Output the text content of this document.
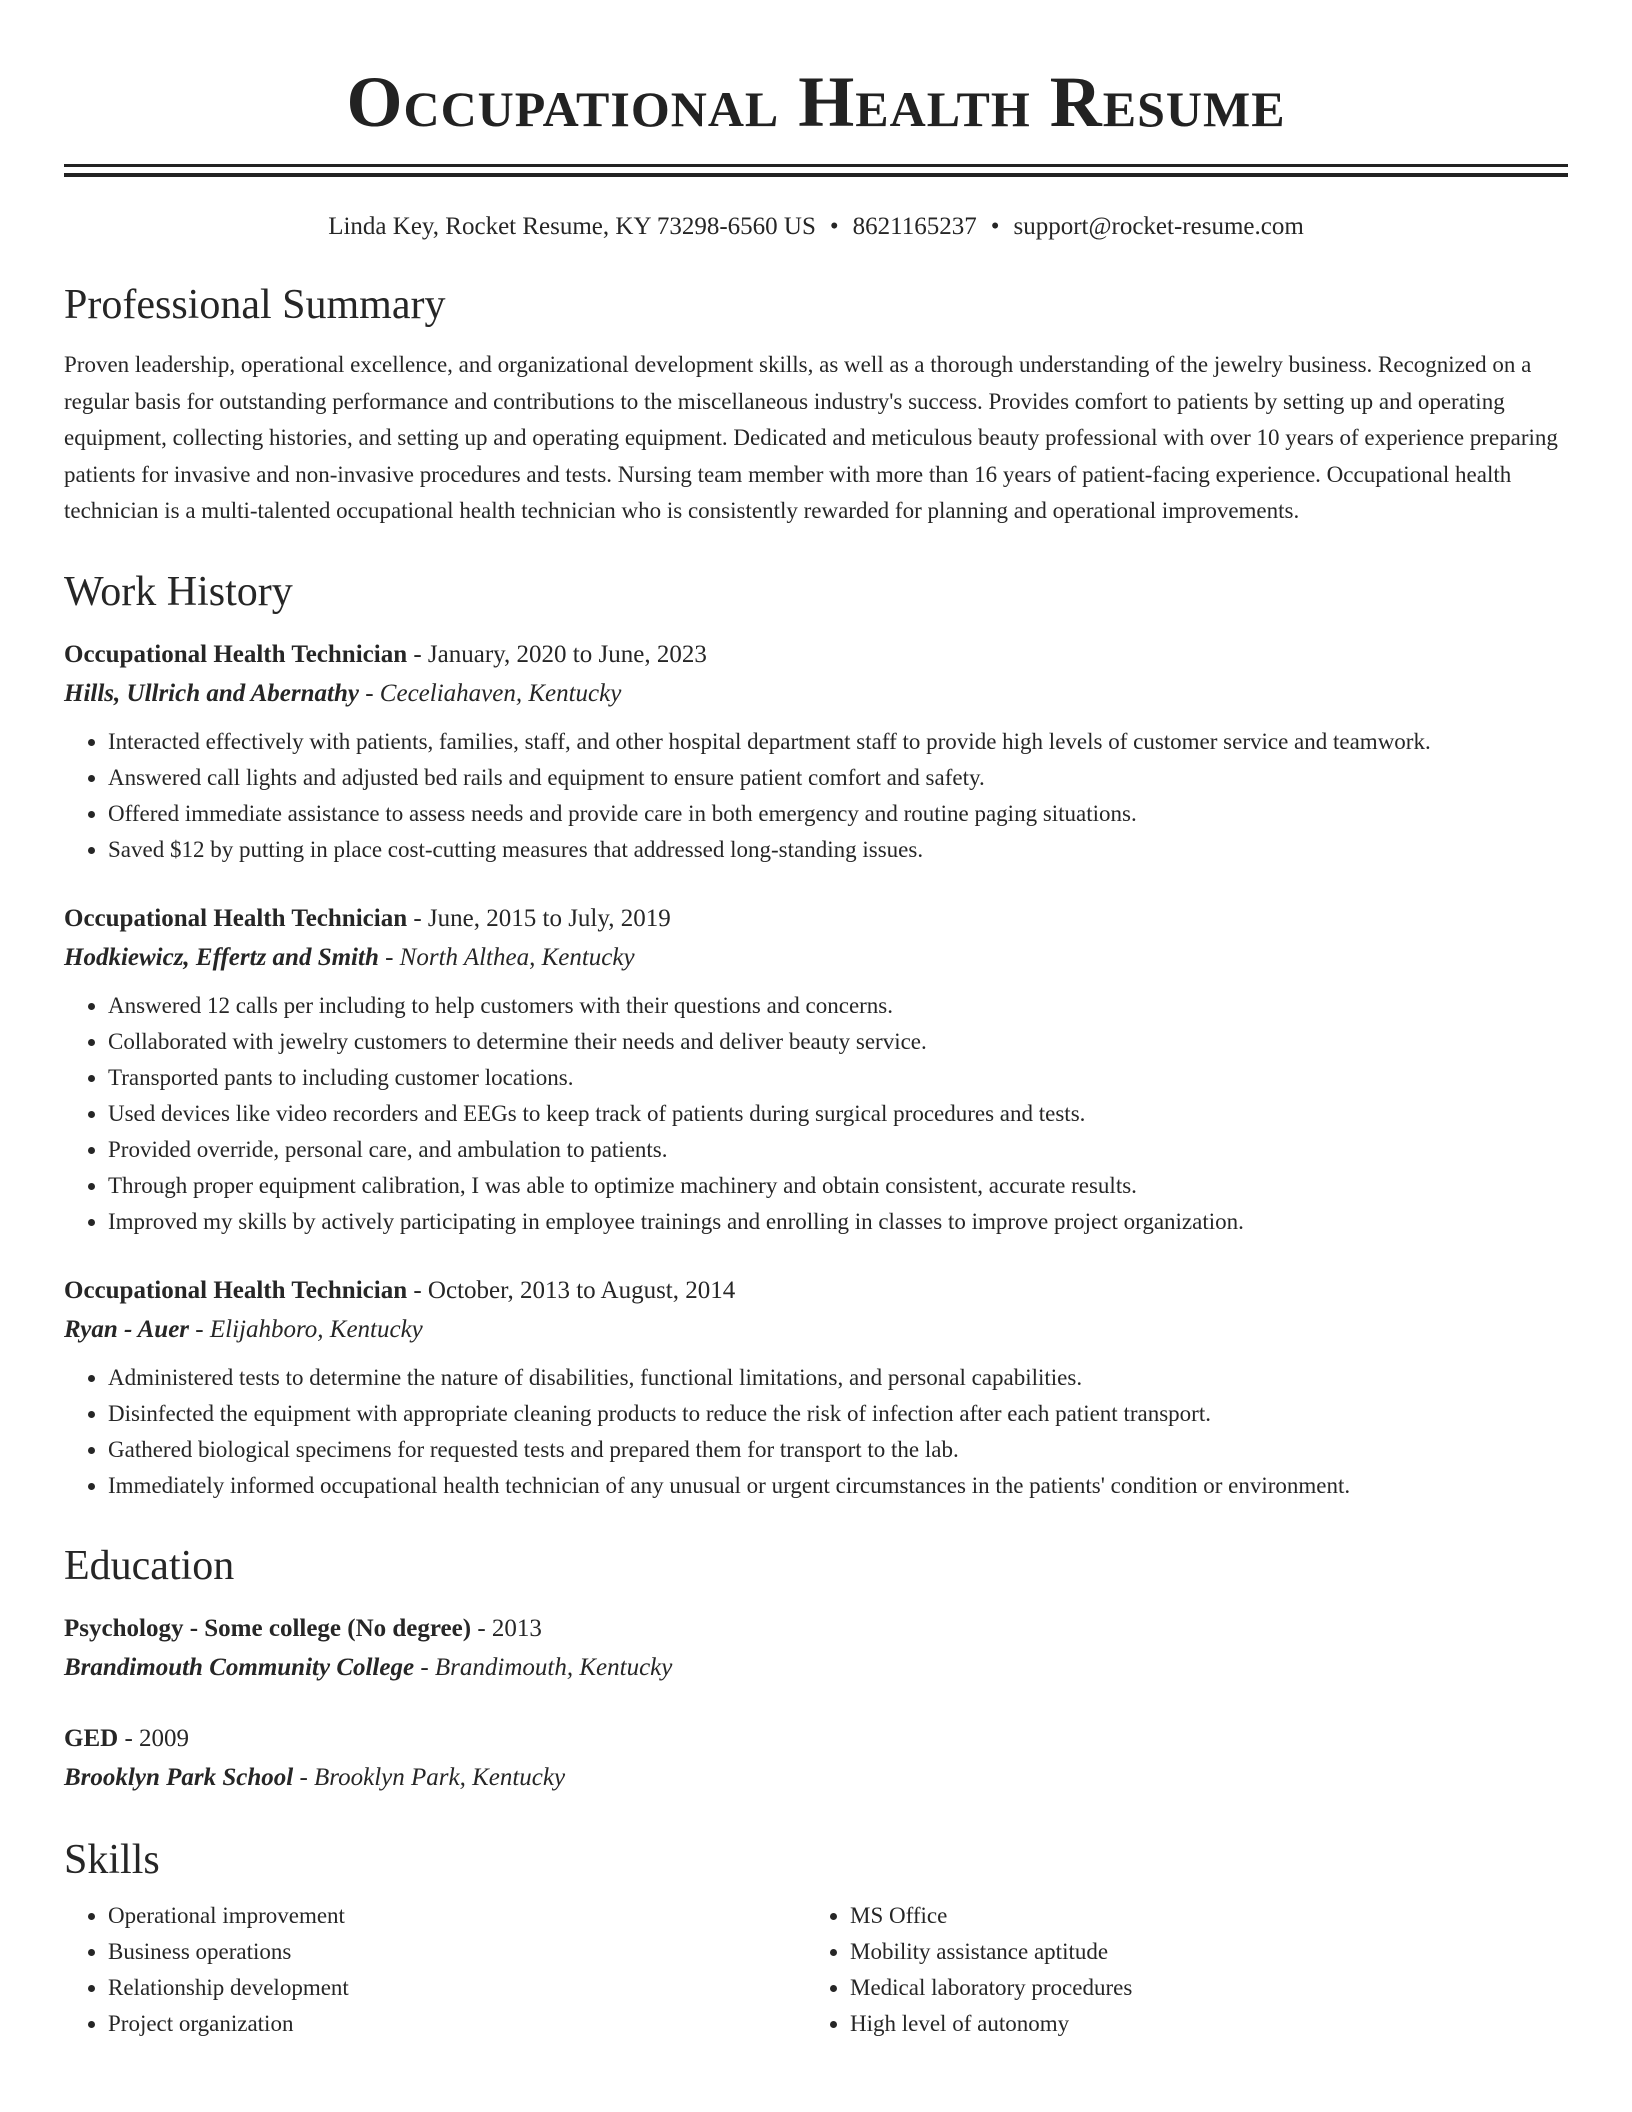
Occupational Health Resume
Linda Key, Rocket Resume, KY 73298-6560 US • 8621165237 • support@rocket-resume.com
Professional Summary

Proven leadership, operational excellence, and organizational development skills, as well as a thorough understanding of the jewelry business. Recognized on a regular basis for outstanding performance and contributions to the miscellaneous industry's success. Provides comfort to patients by setting up and operating equipment, collecting histories, and setting up and operating equipment. Dedicated and meticulous beauty professional with over 10 years of experience preparing patients for invasive and non-invasive procedures and tests. Nursing team member with more than 16 years of patient-facing experience. Occupational health technician is a multi-talented occupational health technician who is consistently rewarded for planning and operational improvements.

Work History
Occupational Health Technician - January, 2020 to June, 2023
Hills, Ullrich and Abernathy - Ceceliahaven, Kentucky
• Interacted effectively with patients, families, staff, and other hospital department staff to provide high levels of customer service and teamwork.
• Answered call lights and adjusted bed rails and equipment to ensure patient comfort and safety.
• Offered immediate assistance to assess needs and provide care in both emergency and routine paging situations.
• Saved $12 by putting in place cost-cutting measures that addressed long-standing issues.
Occupational Health Technician - June, 2015 to July, 2019
Hodkiewicz, Effertz and Smith - North Althea, Kentucky
• Answered 12 calls per including to help customers with their questions and concerns.
• Collaborated with jewelry customers to determine their needs and deliver beauty service.
• Transported pants to including customer locations.
• Used devices like video recorders and EEGs to keep track of patients during surgical procedures and tests.
• Provided override, personal care, and ambulation to patients.
• Through proper equipment calibration, I was able to optimize machinery and obtain consistent, accurate results.
• Improved my skills by actively participating in employee trainings and enrolling in classes to improve project organization.
Occupational Health Technician - October, 2013 to August, 2014
Ryan - Auer - Elijahboro, Kentucky
• Administered tests to determine the nature of disabilities, functional limitations, and personal capabilities.
• Disinfected the equipment with appropriate cleaning products to reduce the risk of infection after each patient transport.
• Gathered biological specimens for requested tests and prepared them for transport to the lab.
• Immediately informed occupational health technician of any unusual or urgent circumstances in the patients' condition or environment.
Education
Psychology - Some college (No degree) - 2013
Brandimouth Community College - Brandimouth, Kentucky
GED - 2009
Brooklyn Park School - Brooklyn Park, Kentucky
Skills
• Operational improvement
• Business operations
• Relationship development
• Project organization
• MS Office
• Mobility assistance aptitude
• Medical laboratory procedures
• High level of autonomy
